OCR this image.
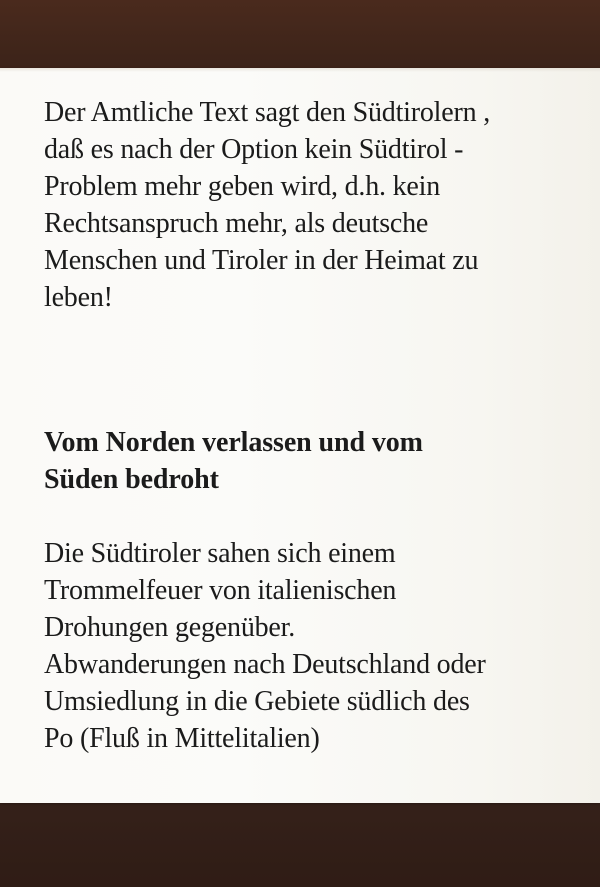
Der Amtliche Text sagt den Südtirolern ,
daß es nach der Option kein Südtirol -
Problem mehr geben wird, d.h. kein
Rechtsanspruch mehr, als deutsche
Menschen und Tiroler in der Heimat zu
leben!

Vom Norden verlassen und vom
Süden bedroht

Die Südtiroler sahen sich einem
Trommelfeuer von italienischen
Drohungen gegenüber.
Abwanderungen nach Deutschland oder
Umsiedlung in die Gebiete südlich des
Po (Fluß in Mittelitalien)
